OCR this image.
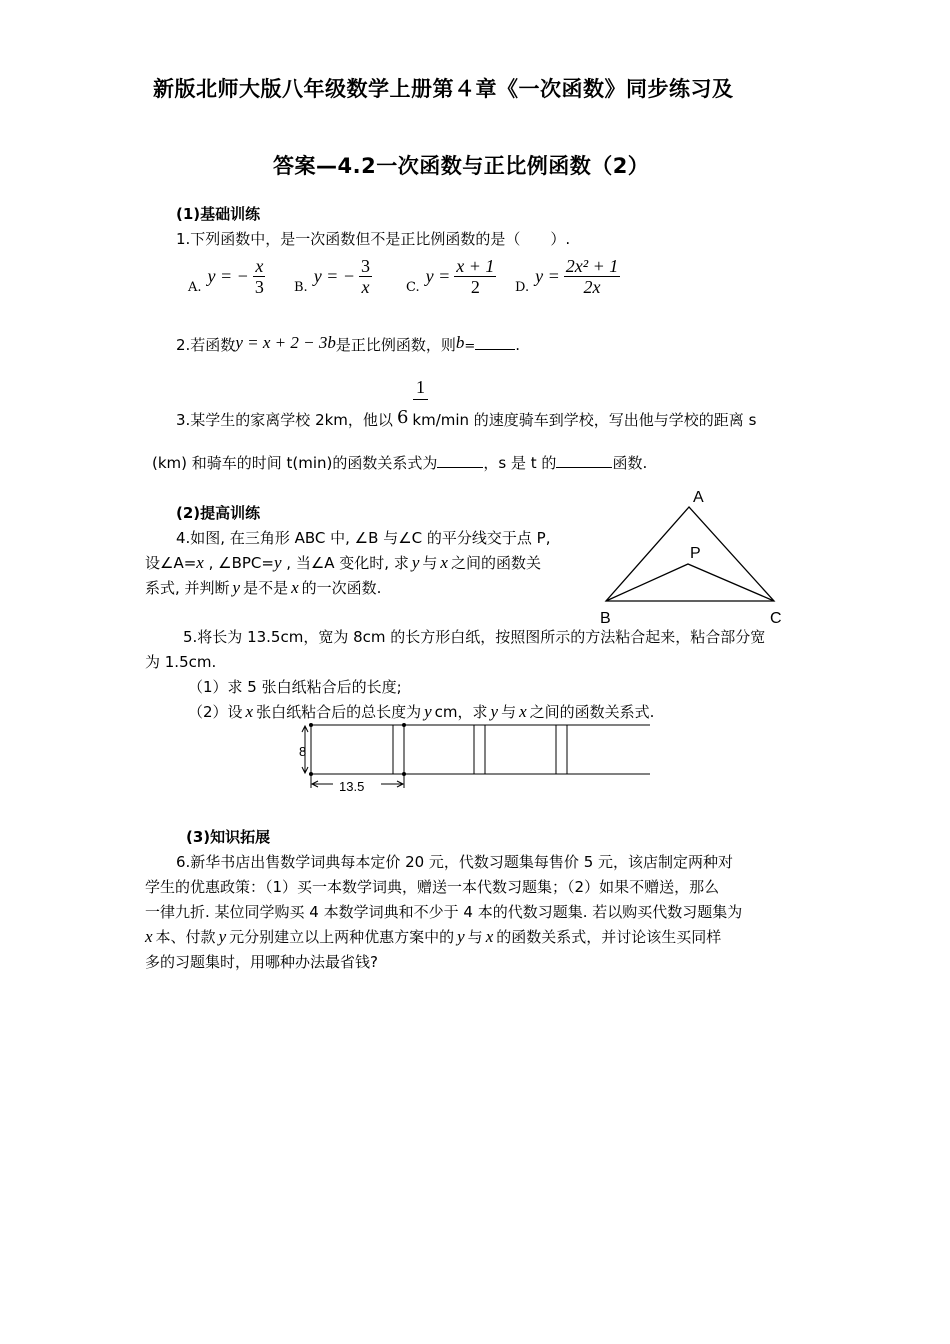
新版北师大版八年级数学上册第４章《一次函数》同步练习及
答案—4.2一次函数与正比例函数（2）
(1)基础训练
1.下列函数中，是一次函数但不是正比例函数的是（　　）.
A.
y = − $\frac{x}{3} B$.
y = − $\frac{3}{x}$	C.
$y = \frac{x + 1}{2} D$.
$y = \frac{\text{2x² + 1}}{2x}$
2.若函数y = x + 2 − 3b是正比例函数，则b=	.
1
3.某学生的家离学校 2km，他以 6 km/min 的速度骑车到学校，写出他与学校的距离 s
(km) 和骑车的时间 t(min)的函数关系式为	，s 是 t 的	函数.
(2)提高训练
4.如图, 在三角形 ABC 中, ∠B 与∠C 的平分线交于点 P,
设∠A=x , ∠BPC=y , 当∠A 变化时, 求 y 与 x 之间的函数关
系式, 并判断 y 是不是 x 的一次函数.
A
P
B	C
5.将长为 13.5cm，宽为 8cm 的长方形白纸，按照图所示的方法粘合起来，粘合部分宽
为 1.5cm.
（1）求 5 张白纸粘合后的长度;
（2）设 x 张白纸粘合后的总长度为 y cm，求 y 与 x 之间的函数关系式.
8
13.5
(3)知识拓展
6.新华书店出售数学词典每本定价 20 元，代数习题集每售价 5 元，该店制定两种对
学生的优惠政策：（1）买一本数学词典，赠送一本代数习题集；（2）如果不赠送，那么
一律九折. 某位同学购买 4 本数学词典和不少于 4 本的代数习题集. 若以购买代数习题集为
x 本、付款 y 元分别建立以上两种优惠方案中的 y 与 x 的函数关系式，并讨论该生买同样
多的习题集时，用哪种办法最省钱?
